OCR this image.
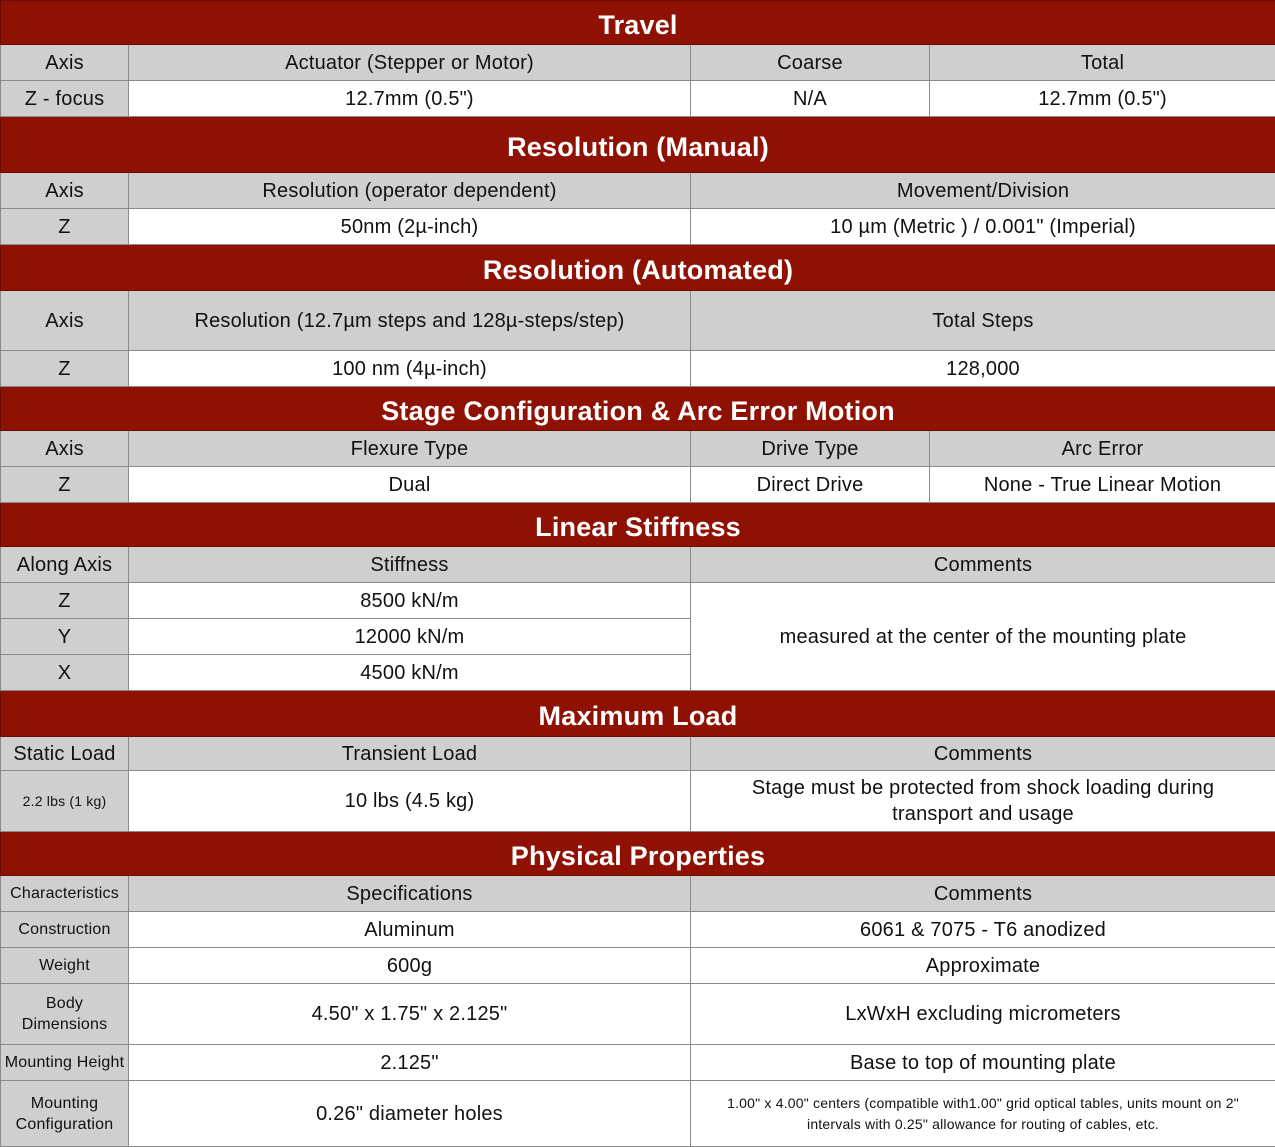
Travel			
Axis	Actuator (Stepper or Motor)	Coarse	Total
Z - focus	12.7mm (0.5")	N/A	12.7mm (0.5")
Resolution (Manual)			
Axis	Resolution (operator dependent)	Movement/Division	
Z	50nm (2µ-inch)	10 µm (Metric ) / 0.001" (Imperial)	
Resolution (Automated)			
Axis	Resolution (12.7µm steps and 128µ-steps/step)	Total Steps	
Z	100 nm (4µ-inch)	128,000	
Stage Configuration & Arc Error Motion			
Axis	Flexure Type	Drive Type	Arc Error
Z	Dual	Direct Drive	None - True Linear Motion
Linear Stiffness			
Along Axis	Stiffness	Comments	
Z	8500 kN/m	measured at the center of the mounting plate	
Y	12000 kN/m		
X	4500 kN/m		
Maximum Load			
Static Load	Transient Load	Comments	
2.2 lbs (1 kg)	10 lbs (4.5 kg)	Stage must be protected from shock loading during transport and usage	
Physical Properties			
Characteristics	Specifications	Comments	
Construction	Aluminum	6061 & 7075 - T6 anodized	
Weight	600g	Approximate	
Body Dimensions	4.50" x 1.75" x 2.125"	LxWxH excluding micrometers	
Mounting Height	2.125"	Base to top of mounting plate	
Mounting Configuration	0.26" diameter holes	1.00" x 4.00" centers (compatible with1.00" grid optical tables, units mount on 2" intervals with 0.25" allowance for routing of cables, etc.	
